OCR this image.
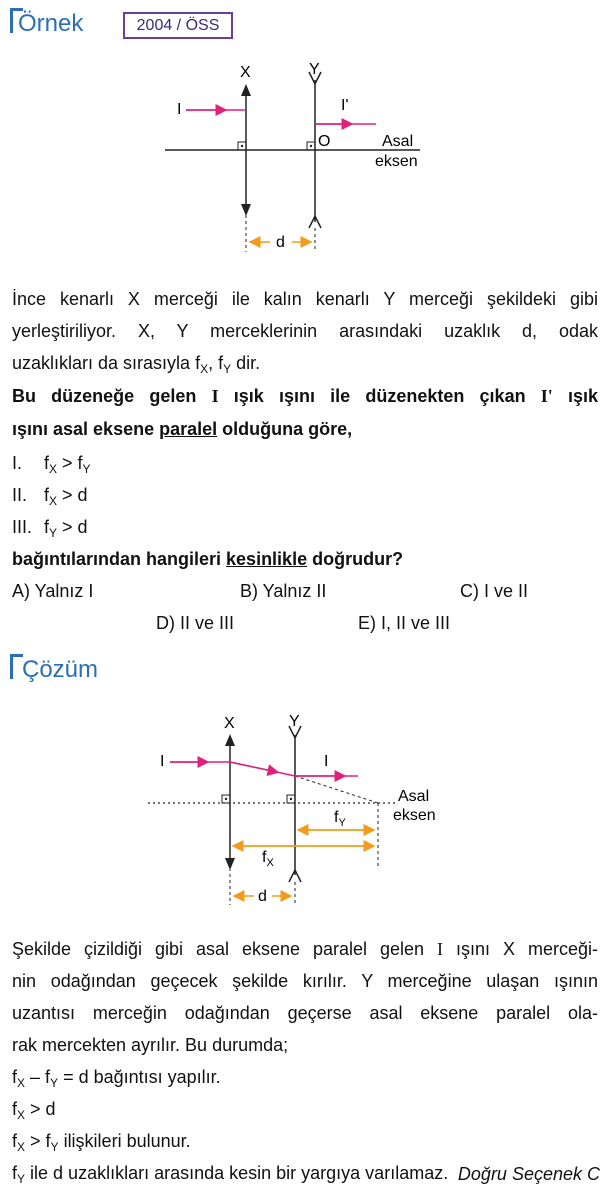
Örnek	2004 / ÖSS
X	Y
I	I'
O	Asal
eksen
d
İnce kenarlı X merceği ile kalın kenarlı Y merceği şekildeki gibi
yerleştiriliyor. X, Y merceklerinin arasındaki uzaklık d, odak
uzaklıkları da sırasıyla $f_X$, $f_Y$ dir.
Bu düzeneğe gelen I ışık ışını ile düzenekten çıkan I' ışık
ışını asal eksene paralel olduğuna göre,
I. $f_X > f_Y$
II. $f_X > d$
III. $f_Y > d$
bağıntılarından hangileri kesinlikle doğrudur?
A) Yalnız I	B) Yalnız II	C) I ve II
D) II ve III	E) I, II ve III
Çözüm
X	Y
I	I
Asal
eksen
$f_Y$
$f_X$
d
Şekilde çizildiği gibi asal eksene paralel gelen I ışını X merceği-
nin odağından geçecek şekilde kırılır. Y merceğine ulaşan ışının
uzantısı merceğin odağından geçerse asal eksene paralel ola-
rak mercekten ayrılır. Bu durumda;
$f_X - f_Y = d$ bağıntısı yapılır.
$f_X > d$
$f_X > f_Y$ ilişkileri bulunur.
$f_Y$ ile d uzaklıkları arasında kesin bir yargıya varılamaz. Doğru Seçenek C
